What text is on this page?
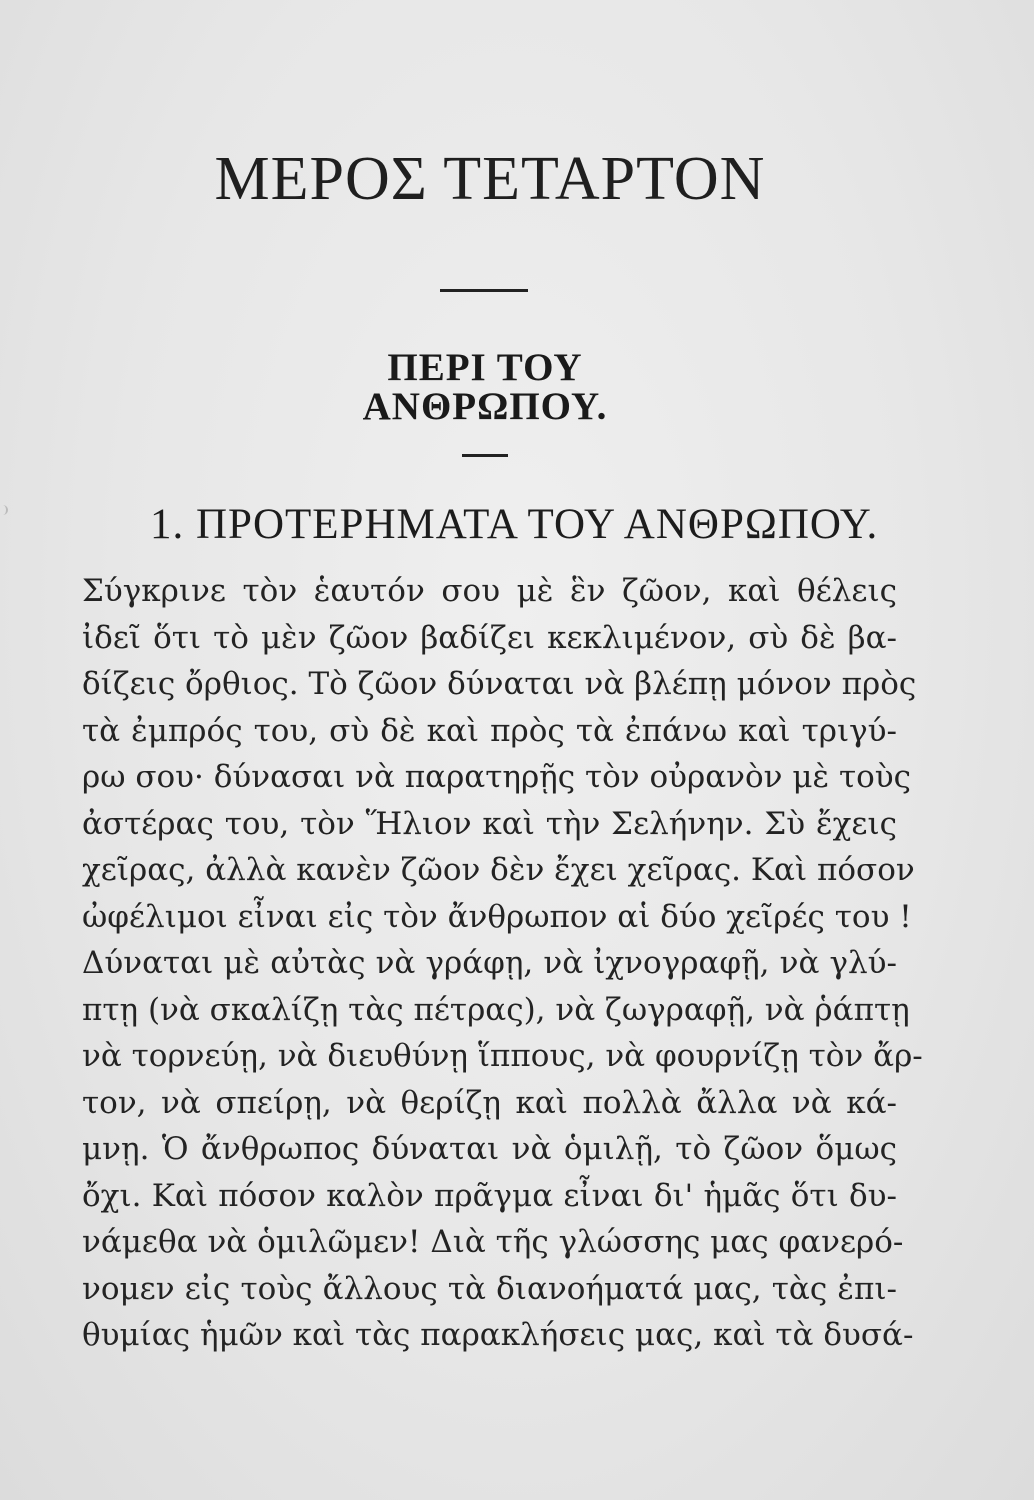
ΜΕΡΟΣ ΤΕΤΑΡΤΟΝ
ΠΕΡΙ ΤΟΥ ΑΝΘΡΩΠΟΥ.
1. ΠΡΟΤΕΡΗΜΑΤΑ ΤΟΥ ΑΝΘΡΩΠΟΥ.
Σύγκρινε τὸν ἑαυτόν σου μὲ ἓν ζῶον, καὶ θέλεις
ἰδεῖ ὅτι τὸ μὲν ζῶον βαδίζει κεκλιμένον, σὺ δὲ βα-
δίζεις ὄρθιος. Τὸ ζῶον δύναται νὰ βλέπῃ μόνον πρὸς
τὰ ἐμπρός του, σὺ δὲ καὶ πρὸς τὰ ἐπάνω καὶ τριγύ-
ρω σου· δύνασαι νὰ παρατηρῇς τὸν οὐρανὸν μὲ τοὺς
ἀστέρας του, τὸν Ἥλιον καὶ τὴν Σελήνην. Σὺ ἔχεις
χεῖρας, ἀλλὰ κανὲν ζῶον δὲν ἔχει χεῖρας. Καὶ πόσον
ὠφέλιμοι εἶναι εἰς τὸν ἄνθρωπον αἱ δύο χεῖρές του !
Δύναται μὲ αὐτὰς νὰ γράφῃ, νὰ ἰχνογραφῇ, νὰ γλύ-
πτῃ (νὰ σκαλίζῃ τὰς πέτρας), νὰ ζωγραφῇ, νὰ ῥάπτῃ
νὰ τορνεύῃ, νὰ διευθύνῃ ἵππους, νὰ φουρνίζῃ τὸν ἄρ-
τον, νὰ σπείρῃ, νὰ θερίζῃ καὶ πολλὰ ἄλλα νὰ κά-
μνῃ. Ὁ ἄνθρωπος δύναται νὰ ὁμιλῇ, τὸ ζῶον ὅμως
ὄχι. Καὶ πόσον καλὸν πρᾶγμα εἶναι δι' ἡμᾶς ὅτι δυ-
νάμεθα νὰ ὁμιλῶμεν! Διὰ τῆς γλώσσης μας φανερό-
νομεν εἰς τοὺς ἄλλους τὰ διανοήματά μας, τὰς ἐπι-
θυμίας ἡμῶν καὶ τὰς παρακλήσεις μας, καὶ τὰ δυσά-
